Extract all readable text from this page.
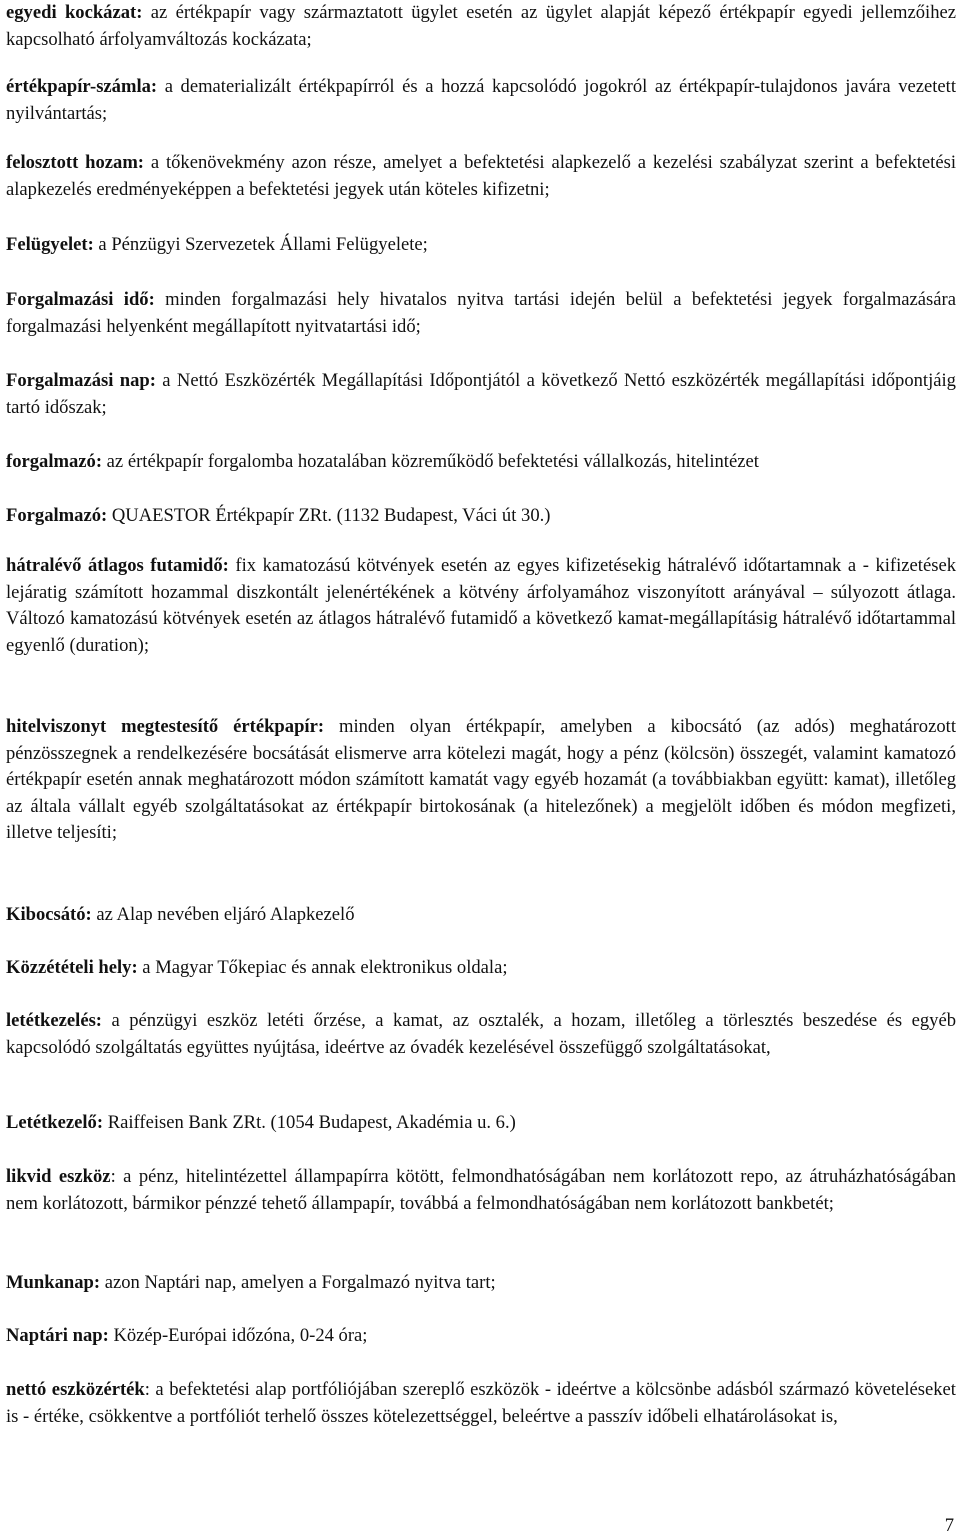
egyedi kockázat: az értékpapír vagy származtatott ügylet esetén az ügylet alapját képező értékpapír egyedi jellemzőihez kapcsolható árfolyamváltozás kockázata;

értékpapír-számla: a dematerializált értékpapírról és a hozzá kapcsolódó jogokról az értékpapír-tulajdonos javára vezetett nyilvántartás;

felosztott hozam: a tőkenövekmény azon része, amelyet a befektetési alapkezelő a kezelési szabályzat szerint a befektetési alapkezelés eredményeképpen a befektetési jegyek után köteles kifizetni;

Felügyelet: a Pénzügyi Szervezetek Állami Felügyelete;

Forgalmazási idő: minden forgalmazási hely hivatalos nyitva tartási idején belül a befektetési jegyek forgalmazására forgalmazási helyenként megállapított nyitvatartási idő;

Forgalmazási nap: a Nettó Eszközérték Megállapítási Időpontjától a következő Nettó eszközérték megállapítási időpontjáig tartó időszak;

forgalmazó: az értékpapír forgalomba hozatalában közreműködő befektetési vállalkozás, hitelintézet

Forgalmazó: QUAESTOR Értékpapír ZRt. (1132 Budapest, Váci út 30.)

hátralévő átlagos futamidő: fix kamatozású kötvények esetén az egyes kifizetésekig hátralévő időtartamnak a - kifizetések lejáratig számított hozammal diszkontált jelenértékének a kötvény árfolyamához viszonyított arányával – súlyozott átlaga. Változó kamatozású kötvények esetén az átlagos hátralévő futamidő a következő kamat-megállapításig hátralévő időtartammal egyenlő (duration);

hitelviszonyt megtestesítő értékpapír: minden olyan értékpapír, amelyben a kibocsátó (az adós) meghatározott pénzösszegnek a rendelkezésére bocsátását elismerve arra kötelezi magát, hogy a pénz (kölcsön) összegét, valamint kamatozó értékpapír esetén annak meghatározott módon számított kamatát vagy egyéb hozamát (a továbbiakban együtt: kamat), illetőleg az általa vállalt egyéb szolgáltatásokat az értékpapír birtokosának (a hitelezőnek) a megjelölt időben és módon megfizeti, illetve teljesíti;

Kibocsátó: az Alap nevében eljáró Alapkezelő

Közzétételi hely: a Magyar Tőkepiac és annak elektronikus oldala;

letétkezelés: a pénzügyi eszköz letéti őrzése, a kamat, az osztalék, a hozam, illetőleg a törlesztés beszedése és egyéb kapcsolódó szolgáltatás együttes nyújtása, ideértve az óvadék kezelésével összefüggő szolgáltatásokat,

Letétkezelő: Raiffeisen Bank ZRt. (1054 Budapest, Akadémia u. 6.)

likvid eszköz: a pénz, hitelintézettel állampapírra kötött, felmondhatóságában nem korlátozott repo, az átruházhatóságában nem korlátozott, bármikor pénzzé tehető állampapír, továbbá a felmondhatóságában nem korlátozott bankbetét;

Munkanap: azon Naptári nap, amelyen a Forgalmazó nyitva tart;

Naptári nap: Közép-Európai időzóna, 0-24 óra;

nettó eszközérték: a befektetési alap portfóliójában szereplő eszközök - ideértve a kölcsönbe adásból származó követeléseket is - értéke, csökkentve a portfóliót terhelő összes kötelezettséggel, beleértve a passzív időbeli elhatárolásokat is,

7
